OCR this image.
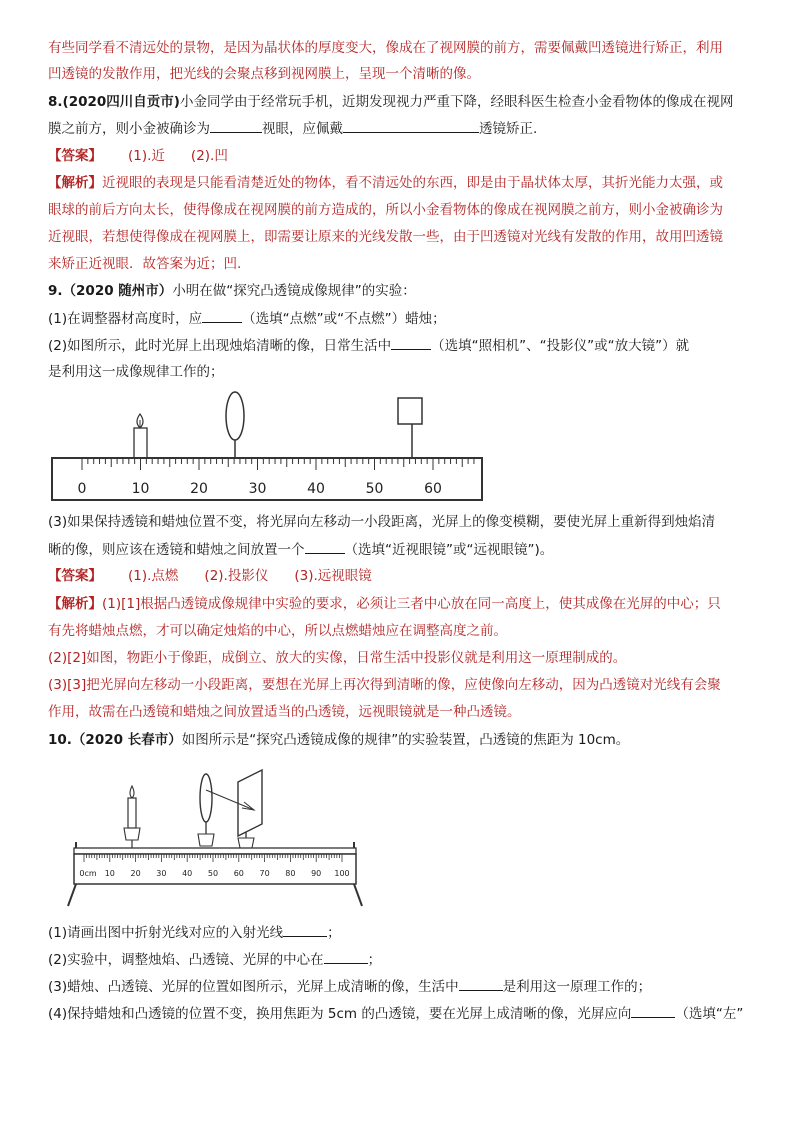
有些同学看不清远处的景物，是因为晶状体的厚度变大，像成在了视网膜的前方，需要佩戴凹透镜进行矫正，利用
凹透镜的发散作用，把光线的会聚点移到视网膜上，呈现一个清晰的像。
8.(2020四川自贡市)小金同学由于经常玩手机，近期发现视力严重下降，经眼科医生检查小金看物体的像成在视网
膜之前方，则小金被确诊为	视眼，应佩戴	透镜矫正.
【答案】 (1).近 (2).凹
【解析】近视眼的表现是只能看清楚近处的物体，看不清远处的东西，即是由于晶状体太厚，其折光能力太强，或
眼球的前后方向太长，使得像成在视网膜的前方造成的，所以小金看物体的像成在视网膜之前方，则小金被确诊为
近视眼，若想使得像成在视网膜上，即需要让原来的光线发散一些，由于凹透镜对光线有发散的作用，故用凹透镜
来矫正近视眼．故答案为近；凹.
9.（2020 随州市）小明在做“探究凸透镜成像规律”的实验：
(1)在调整器材高度时，应	（选填“点燃”或“不点燃”）蜡烛；
(2)如图所示，此时光屏上出现烛焰清晰的像，日常生活中	（选填“照相机”、“投影仪”或“放大镜”）就
是利用这一成像规律工作的；
0	10	20	30	40	50	60
(3)如果保持透镜和蜡烛位置不变，将光屏向左移动一小段距离，光屏上的像变模糊，要使光屏上重新得到烛焰清
晰的像，则应该在透镜和蜡烛之间放置一个	（选填“近视眼镜”或“远视眼镜”)。
【答案】 (1).点燃 (2).投影仪 (3).远视眼镜
【解析】(1)[1]根据凸透镜成像规律中实验的要求，必须让三者中心放在同一高度上，使其成像在光屏的中心；只
有先将蜡烛点燃，才可以确定烛焰的中心，所以点燃蜡烛应在调整高度之前。
(2)[2]如图，物距小于像距，成倒立、放大的实像，日常生活中投影仪就是利用这一原理制成的。
(3)[3]把光屏向左移动一小段距离，要想在光屏上再次得到清晰的像，应使像向左移动，因为凸透镜对光线有会聚
作用，故需在凸透镜和蜡烛之间放置适当的凸透镜，远视眼镜就是一种凸透镜。
10.（2020 长春市）如图所示是“探究凸透镜成像的规律”的实验装置，凸透镜的焦距为 10cm。
0cm 10 20 30 40 50 60 70 80 90 100
(1)请画出图中折射光线对应的入射光线	；
(2)实验中，调整烛焰、凸透镜、光屏的中心在	；
(3)蜡烛、凸透镜、光屏的位置如图所示，光屏上成清晰的像，生活中	是利用这一原理工作的；
(4)保持蜡烛和凸透镜的位置不变，换用焦距为 5cm 的凸透镜，要在光屏上成清晰的像，光屏应向	（选填“左”
